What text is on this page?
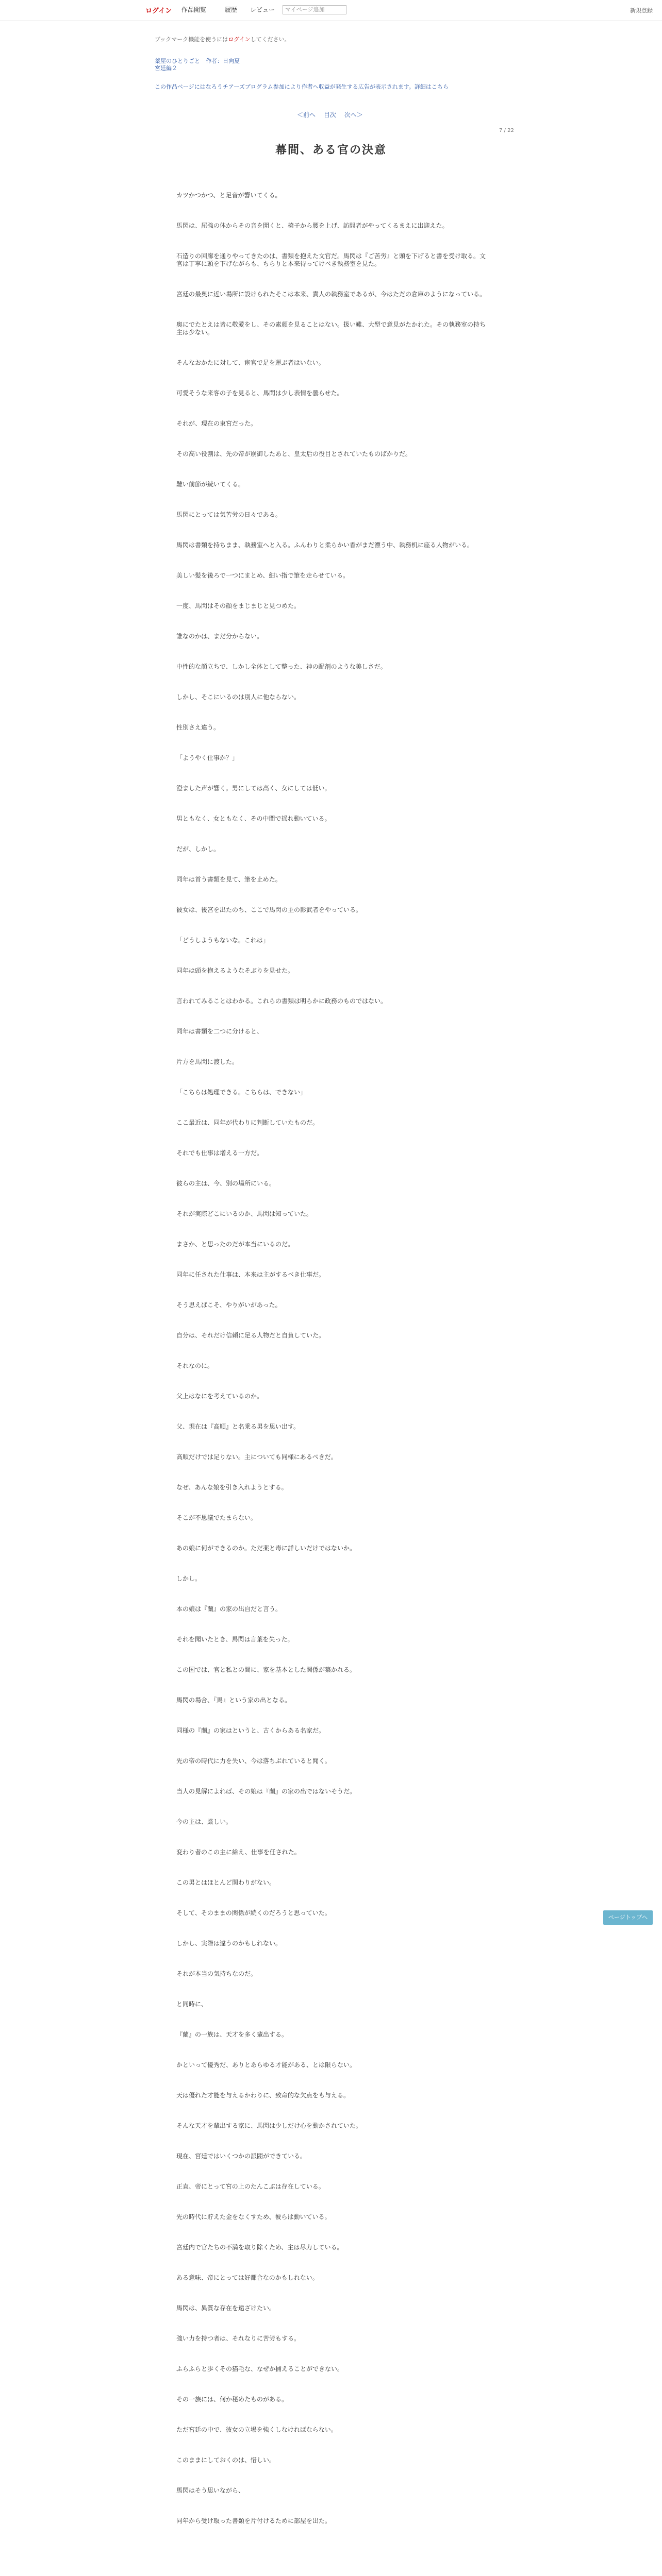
ログイン 作品閲覧	履歴 レビュー	マイページ追加	新規登録
ブックマーク機能を使うにはログインしてください。
薬屋のひとりごと　作者：日向夏
宮廷編２
この作品ページにはなろうチアーズプログラム参加により作者へ収益が発生する広告が表示されます。詳細はこちら
＜前へ 目次 次へ＞
7 / 22
幕間、ある官の決意

カツかつかつ、と足音が響いてくる。

馬閃は、屈強の体からその音を聞くと、椅子から腰を上げ、訪問者がやってくるまえに出迎えた。

石造りの回廊を通りやってきたのは、書類を抱えた文官だ。馬閃は『ご苦労』と頭を下げると書を受け取る。文官は丁寧に頭を下げながらも、ちらりと本来待ってけべき執務室を見た。

宮廷の最奥に近い場所に設けられたそこは本来、貴人の執務室であるが、今はただの倉庫のようになっている。

奥にでたとえは皆に敬愛をし、その素顔を見ることはない。扱い難、大型で意見がたかれた。その執務室の持ち主は少ない。

そんなおかたに対して、宦官で足を運ぶ者はいない。

可愛そうな来客の子を見ると、馬閃は少し表情を曇らせた。

それが、現在の東宮だった。

その高い役割は、先の帝が崩御したあと、皇太后の役目とされていたものばかりだ。

難い前節が続いてくる。

馬閃にとっては気苦労の日々である。

馬閃は書類を持ちまま、執務室へと入る。ふんわりと柔らかい香がまだ漂う中、執務机に座る人物がいる。

美しい髪を後ろで一つにまとめ、細い指で筆を走らせている。

一度、馬閃はその顔をまじまじと見つめた。

誰なのかは、まだ分からない。

中性的な顔立ちで、しかし全体として整った、神の配剤のような美しさだ。

しかし、そこにいるのは別人に他ならない。

性別さえ違う。

「ようやく仕事か？」

澄ました声が響く。男にしては高く、女にしては低い。

男ともなく、女ともなく、その中間で揺れ動いている。

だが、しかし。

同年は首う書類を見て、筆を止めた。

彼女は、後宮を出たのち、ここで馬閃の主の影武者をやっている。

「どうしようもないな。これは」

同年は頭を抱えるようなそぶりを見せた。

言われてみることはわかる。これらの書類は明らかに政務のものではない。

同年は書類を二つに分けると、

片方を馬閃に渡した。

「こちらは処理できる。こちらは、できない」

ここ最近は、同年が代わりに判断していたものだ。

それでも仕事は増える一方だ。

彼らの主は、今、別の場所にいる。

それが実際どこにいるのか、馬閃は知っていた。

まさか、と思ったのだが本当にいるのだ。

同年に任された仕事は、本来は主がするべき仕事だ。

そう思えばこそ、やりがいがあった。

自分は、それだけ信頼に足る人物だと自負していた。

それなのに。

父上はなにを考えているのか。

父、現在は『高順』と名乗る男を思い出す。

高順だけでは足りない。主についても同様にあるべきだ。

なぜ、あんな娘を引き入れようとする。

そこが不思議でたまらない。

あの娘に何ができるのか。ただ薬と毒に詳しいだけではないか。

しかし。

本の娘は『蘭』の家の出自だと言う。

それを聞いたとき、馬閃は言葉を失った。

この国では、官と私との間に、家を基本とした関係が築かれる。

馬閃の場合、『馬』という家の出となる。

同様の『蘭』の家はというと、古くからある名家だ。

先の帝の時代に力を失い、今は落ちぶれていると聞く。

当人の見解によれば、その娘は『蘭』の家の出ではないそうだ。

今の主は、厳しい。

変わり者のこの主に給え、仕事を任された。

この男とはほとんど関わりがない。

そして、そのままの関係が続くのだろうと思っていた。

しかし、実際は違うのかもしれない。

それが本当の気持ちなのだ。

と同時に、

『蘭』の一族は、天才を多く輩出する。

かといって優秀だ、ありとあらゆる才能がある、とは限らない。

天は優れた才能を与えるかわりに、致命的な欠点をも与える。

そんな天才を輩出する家に、馬閃は少しだけ心を動かされていた。

現在、宮廷ではいくつかの派閥ができている。

正直、帝にとって宮の上のたんこぶは存在している。

先の時代に貯えた金をなくすため、彼らは動いている。

宮廷内で官たちの不満を取り除くため、主は尽力している。

ある意味、帝にとっては好都合なのかもしれない。

馬閃は、異質な存在を遠ざけたい。

強い力を持つ者は、それなりに苦労もする。

ふらふらと歩くその猫毛な、なぜか捕えることができない。

その一族には、何か秘めたものがある。

ただ宮廷の中で、彼女の立場を強くしなければならない。

このままにしておくのは、惜しい。

馬閃はそう思いながら、

同年から受け取った書類を片付けるために部屋を出た。

ページトップへ
